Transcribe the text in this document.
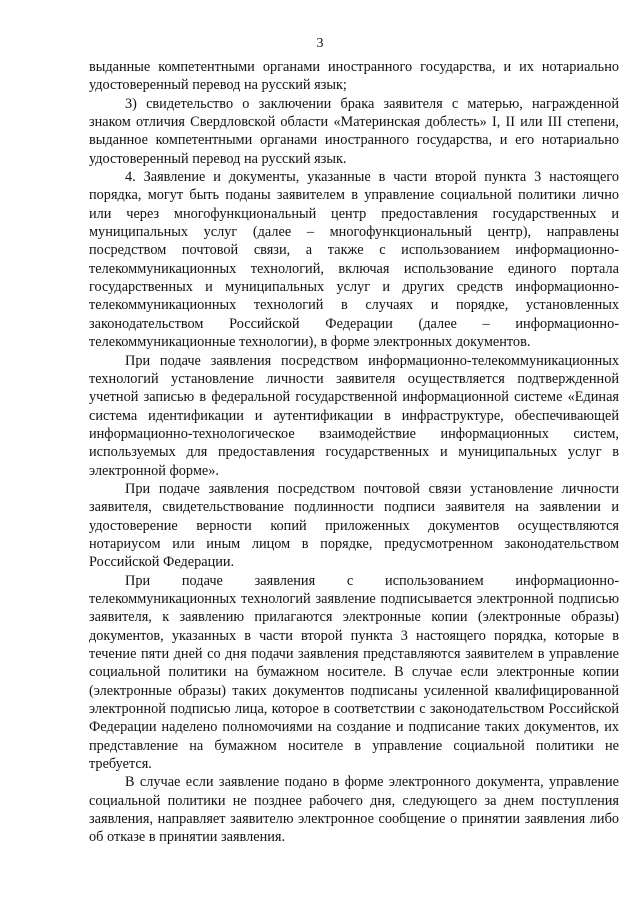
3

выданные компетентными органами иностранного государства, и их нотариально удостоверенный перевод на русский язык;

3) свидетельство о заключении брака заявителя с матерью, награжденной знаком отличия Свердловской области «Материнская доблесть» I, II или III степени, выданное компетентными органами иностранного государства, и его нотариально удостоверенный перевод на русский язык.

4. Заявление и документы, указанные в части второй пункта 3 настоящего порядка, могут быть поданы заявителем в управление социальной политики лично или через многофункциональный центр предоставления государственных и муниципальных услуг (далее – многофункциональный центр), направлены посредством почтовой связи, а также с использованием информационно-телекоммуникационных технологий, включая использование единого портала государственных и муниципальных услуг и других средств информационно-телекоммуникационных технологий в случаях и порядке, установленных законодательством Российской Федерации (далее – информационно-телекоммуникационные технологии), в форме электронных документов.

При подаче заявления посредством информационно-телекоммуникационных технологий установление личности заявителя осуществляется подтвержденной учетной записью в федеральной государственной информационной системе «Единая система идентификации и аутентификации в инфраструктуре, обеспечивающей информационно-технологическое взаимодействие информационных систем, используемых для предоставления государственных и муниципальных услуг в электронной форме».

При подаче заявления посредством почтовой связи установление личности заявителя, свидетельствование подлинности подписи заявителя на заявлении и удостоверение верности копий приложенных документов осуществляются нотариусом или иным лицом в порядке, предусмотренном законодательством Российской Федерации.

При подаче заявления с использованием информационно-телекоммуникационных технологий заявление подписывается электронной подписью заявителя, к заявлению прилагаются электронные копии (электронные образы) документов, указанных в части второй пункта 3 настоящего порядка, которые в течение пяти дней со дня подачи заявления представляются заявителем в управление социальной политики на бумажном носителе. В случае если электронные копии (электронные образы) таких документов подписаны усиленной квалифицированной электронной подписью лица, которое в соответствии с законодательством Российской Федерации наделено полномочиями на создание и подписание таких документов, их представление на бумажном носителе в управление социальной политики не требуется.

В случае если заявление подано в форме электронного документа, управление социальной политики не позднее рабочего дня, следующего за днем поступления заявления, направляет заявителю электронное сообщение о принятии заявления либо об отказе в принятии заявления.
